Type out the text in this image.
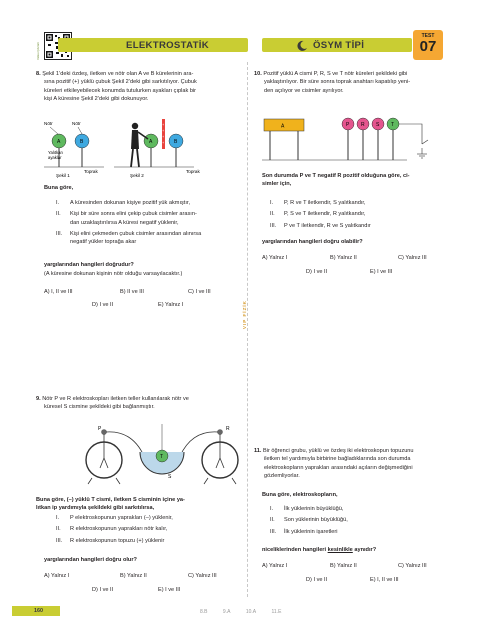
Video Çözüm	ELEKTROSTATİK	ÖSYM TİPİ
TEST
07
8. Şekil 1’deki özdeş, iletken ve nötr olan A ve B kürelerinin ara-
sına pozitif (+) yüklü çubuk Şekil 2’deki gibi sarkıtılıyor. Çubuk
küreleri etkileyebilecek konumda tutulurken ayakları çıplak bir
kişi A küresine Şekil 2’deki gibi dokunuyor.
Nötr	Nötr
A	B
Yalıtkan
ayaklar
Toprak
Şekil 1
A	B
+
+
+
+
Toprak
Şekil 2
Buna göre,
I. A küresinden dokunan kişiye pozitif yük akmıştır,
II. Kişi bir süre sonra elini çekip çubuk cisimler arasın-
dan uzaklaştırılırsa A küresi negatif yüklenir,
III. Kişi elini çekmeden çubuk cisimler arasından alınırsa
negatif yükler toprağa akar
yargılarından hangileri doğrudur?
(A küresine dokunan kişinin nötr olduğu varsayılacaktır.)
A) I, II ve III	B) II ve III	C) I ve III
D) I ve II	E) Yalnız I	VIP FİZİK
9. Nötr P ve R elektroskopları iletken teller kullanılarak nötr ve
küresel S cismine şekildeki gibi bağlanmıştır.
P	R
S
T
Buna göre, (–) yüklü T cismi, iletken S cisminin içine ya-
lıtkan ip yardımıyla şekildeki gibi sarkıtılırsa,
I. P elektroskopunun yaprakları (–) yüklenir,
II. R elektroskopunun yaprakları nötr kalır,
III. R elektroskopunun topuzu (+) yüklenir
yargılarından hangileri doğru olur?
A) Yalnız I	B) Yalnız II	C) Yalnız III
D) I ve II	E) I ve III
10. Pozitif yüklü A cismi P, R, S ve T nötr küreleri şekildeki gibi
yaklaştırılıyor. Bir süre sonra toprak anahtarı kapatılıp yeni-
den açılıyor ve cisimler ayrılıyor.
A	P R S T
Son durumda P ve T negatif R pozitif olduğuna göre, ci-
simler için,
I. P, R ve T iletkendir, S yalıtkandır,
II. P, S ve T iletkendir, R yalıtkandır,
III. P ve T iletkendir, R ve S yalıtkandır
yargılarından hangileri doğru olabilir?
A) Yalnız I	B) Yalnız II	C) Yalnız III
D) I ve II	E) I ve III
11. Bir öğrenci grubu, yüklü ve özdeş iki elektroskopun topuzunu
iletken tel yardımıyla birbirine bağladıklarında son durumda
elektroskopların yaprakları arasındaki açıların değişmediğini
gözlemliyorlar.
Buna göre, elektroskopların,
I. İlk yüklerinin büyüklüğü,
II. Son yüklerinin büyüklüğü,
III. İlk yüklerinin işaretleri
niceliklerinden hangileri kesinlikle aynıdır?
A) Yalnız I	B) Yalnız II	C) Yalnız III
D) I ve II	E) I, II ve III
160	8.B	9.A	10.A	11.E
